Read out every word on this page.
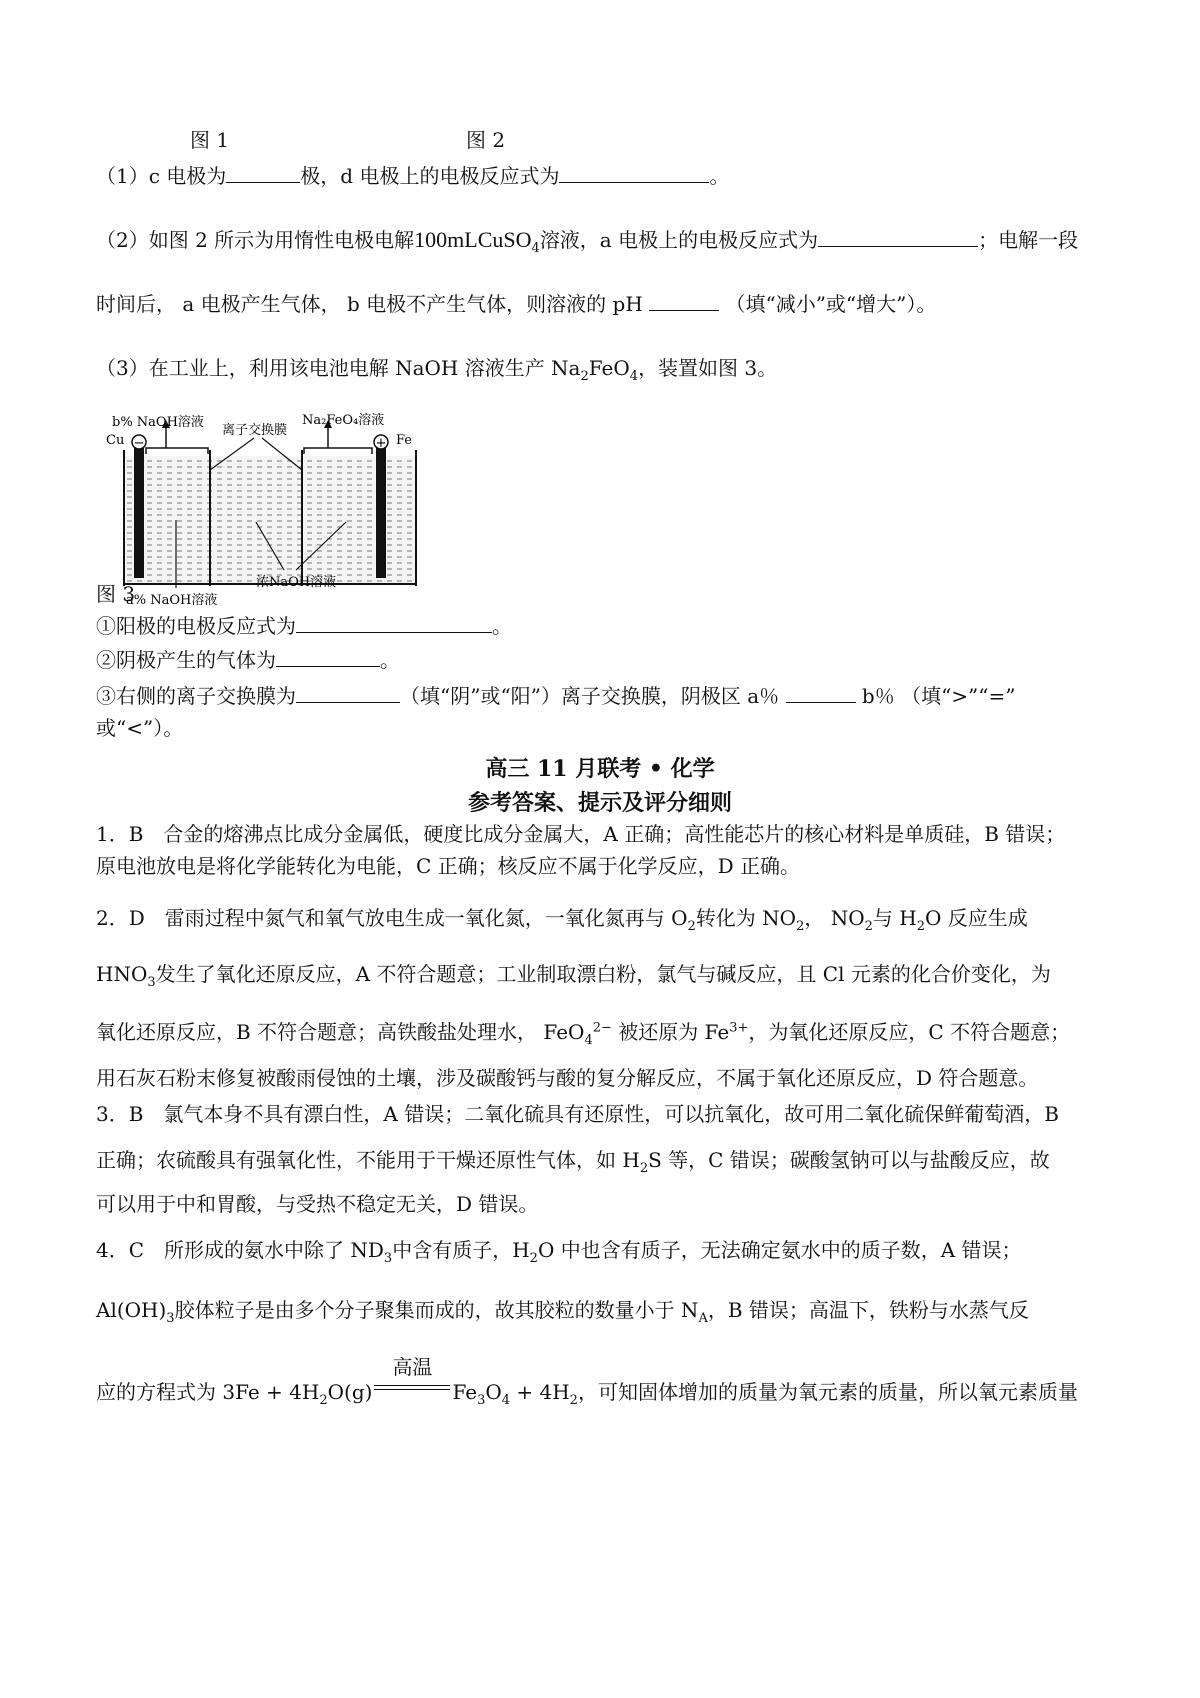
图 1	图 2
（1）c 电极为	极，d 电极上的电极反应式为	。
（2）如图 2 所示为用惰性电极电解100mLCuSO$_4$溶液，a 电极上的电极反应式为	；电解一段
时间后， a 电极产生气体， b 电极不产生气体，则溶液的 pH	（填“减小”或“增大”）。
（3）在工业上，利用该电池电解 NaOH 溶液生产 $Na_2FeO_4$，装置如图 3。
−	+
b% NaOH溶液
离子交换膜
Na₂FeO₄溶液
Cu	Fe
a% NaOH溶液
浓NaOH溶液
图 3
①阳极的电极反应式为	。
②阴极产生的气体为	。
③右侧的离子交换膜为	（填“阴”或“阳”）离子交换膜，阴极区 a％	b％ （填“>”“=”
或“<”）。
高三 11 月联考 • 化学
参考答案、提示及评分细则
1．B　合金的熔沸点比成分金属低，硬度比成分金属大，A 正确；高性能芯片的核心材料是单质硅，B 错误；
原电池放电是将化学能转化为电能，C 正确；核反应不属于化学反应，D 正确。
2．D　雷雨过程中氮气和氧气放电生成一氧化氮，一氧化氮再与 $O_2$转化为 $NO_2$， $NO_2$与 $H_2O$ 反应生成
$HNO_3$发生了氧化还原反应，A 不符合题意；工业制取漂白粉，氯气与碱反应，且 Cl 元素的化合价变化，为
氧化还原反应，B 不符合题意；高铁酸盐处理水， FeO$_4^{2-}$ 被还原为 $Fe^{3+}$，为氧化还原反应，C 不符合题意；
用石灰石粉末修复被酸雨侵蚀的土壤，涉及碳酸钙与酸的复分解反应，不属于氧化还原反应，D 符合题意。
3．B　氯气本身不具有漂白性，A 错误；二氧化硫具有还原性，可以抗氧化，故可用二氧化硫保鲜葡萄酒，B
正确；农硫酸具有强氧化性，不能用于干燥还原性气体，如 $H_2S$ 等，C 错误；碳酸氢钠可以与盐酸反应，故
可以用于中和胃酸，与受热不稳定无关，D 错误。
4．C　所形成的氨水中除了 $ND_3$中含有质子，$H_2O$ 中也含有质子，无法确定氨水中的质子数，A 错误；
$Al(OH)_3$胶体粒子是由多个分子聚集而成的，故其胶粒的数量小于 $N_A$，B 错误；高温下，铁粉与水蒸气反
应的方程式为 $3Fe + 4H_2O(g)$
高温
$Fe_3O_4 + 4H_2$，可知固体增加的质量为氧元素的质量，所以氧元素质量
